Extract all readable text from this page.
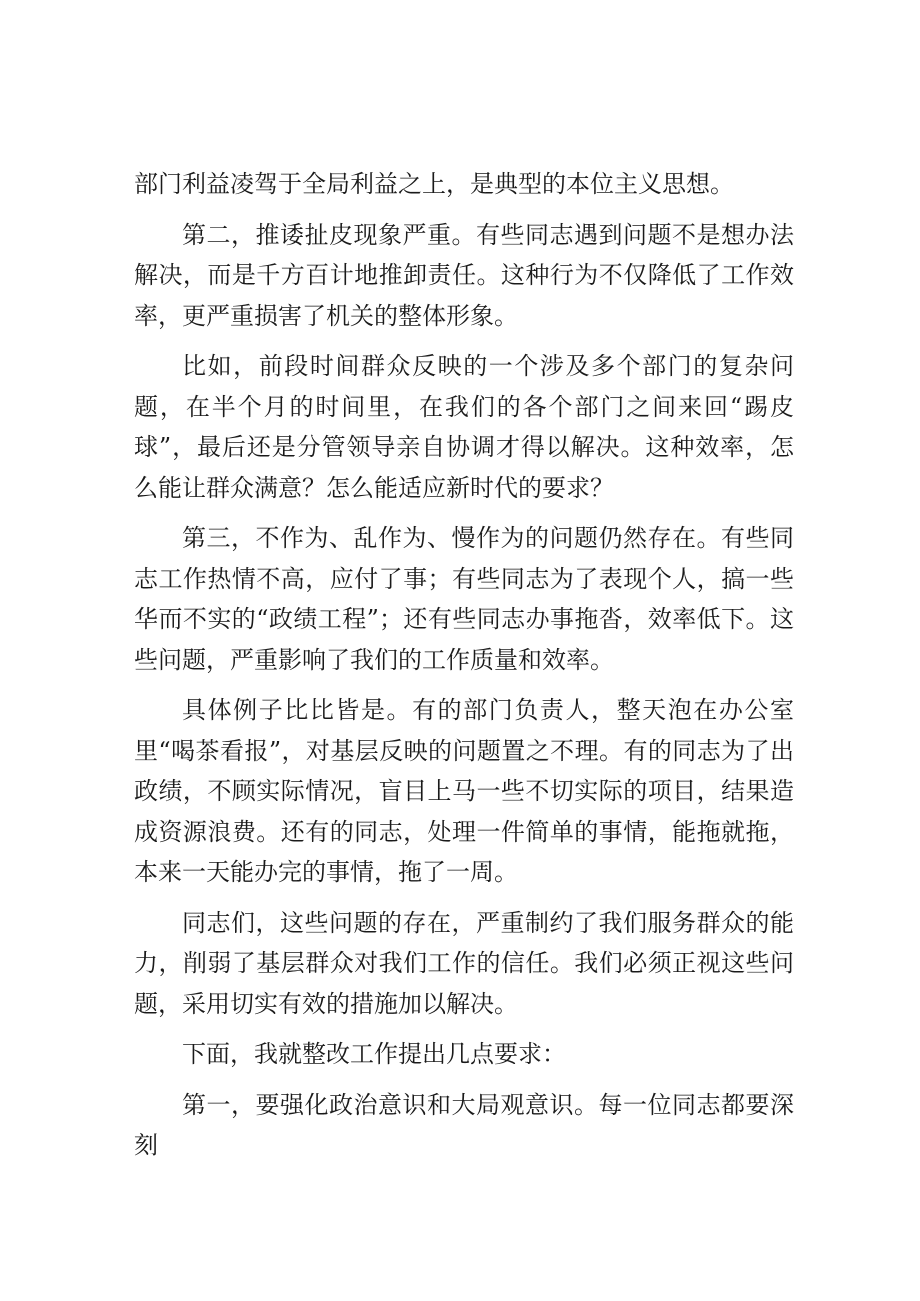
部门利益凌驾于全局利益之上，是典型的本位主义思想。

第二，推诿扯皮现象严重。有些同志遇到问题不是想办法解决，而是千方百计地推卸责任。这种行为不仅降低了工作效率，更严重损害了机关的整体形象。

比如，前段时间群众反映的一个涉及多个部门的复杂问题，在半个月的时间里，在我们的各个部门之间来回“踢皮球”，最后还是分管领导亲自协调才得以解决。这种效率，怎么能让群众满意？怎么能适应新时代的要求？

第三，不作为、乱作为、慢作为的问题仍然存在。有些同志工作热情不高，应付了事；有些同志为了表现个人，搞一些华而不实的“政绩工程”；还有些同志办事拖沓，效率低下。这些问题，严重影响了我们的工作质量和效率。

具体例子比比皆是。有的部门负责人，整天泡在办公室里“喝茶看报”，对基层反映的问题置之不理。有的同志为了出政绩，不顾实际情况，盲目上马一些不切实际的项目，结果造成资源浪费。还有的同志，处理一件简单的事情，能拖就拖，本来一天能办完的事情，拖了一周。

同志们，这些问题的存在，严重制约了我们服务群众的能力，削弱了基层群众对我们工作的信任。我们必须正视这些问题，采用切实有效的措施加以解决。

下面，我就整改工作提出几点要求：

第一，要强化政治意识和大局观意识。每一位同志都要深刻
